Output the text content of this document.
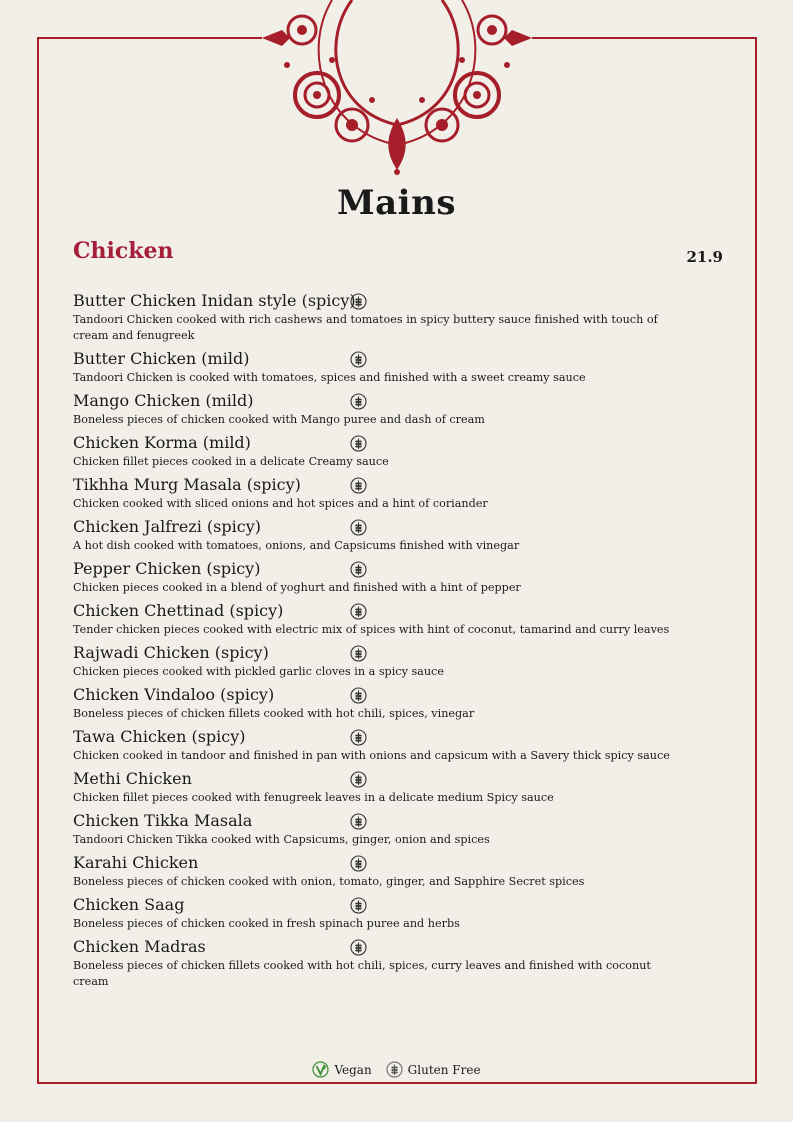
Mains
Chicken	21.9
Butter Chicken Inidan style (spicy)
Tandoori Chicken cooked with rich cashews and tomatoes in spicy buttery sauce finished with touch of cream and fenugreek
Butter Chicken (mild)
Tandoori Chicken is cooked with tomatoes, spices and finished with a sweet creamy sauce
Mango Chicken (mild)
Boneless pieces of chicken cooked with Mango puree and dash of cream
Chicken Korma (mild)
Chicken fillet pieces cooked in a delicate Creamy sauce
Tikhha Murg Masala (spicy)
Chicken cooked with sliced onions and hot spices and a hint of coriander
Chicken Jalfrezi (spicy)
A hot dish cooked with tomatoes, onions, and Capsicums finished with vinegar
Pepper Chicken (spicy)
Chicken pieces cooked in a blend of yoghurt and finished with a hint of pepper
Chicken Chettinad (spicy)
Tender chicken pieces cooked with electric mix of spices with hint of coconut, tamarind and curry leaves
Rajwadi Chicken (spicy)
Chicken pieces cooked with pickled garlic cloves in a spicy sauce
Chicken Vindaloo (spicy)
Boneless pieces of chicken fillets cooked with hot chili, spices, vinegar
Tawa Chicken (spicy)
Chicken cooked in tandoor and finished in pan with onions and capsicum with a Savery thick spicy sauce
Methi Chicken
Chicken fillet pieces cooked with fenugreek leaves in a delicate medium Spicy sauce
Chicken Tikka Masala
Tandoori Chicken Tikka cooked with Capsicums, ginger, onion and spices
Karahi Chicken
Boneless pieces of chicken cooked with onion, tomato, ginger, and Sapphire Secret spices
Chicken Saag
Boneless pieces of chicken cooked in fresh spinach puree and herbs
Chicken Madras
Boneless pieces of chicken fillets cooked with hot chili, spices, curry leaves and finished with coconut cream
Vegan	Gluten Free
